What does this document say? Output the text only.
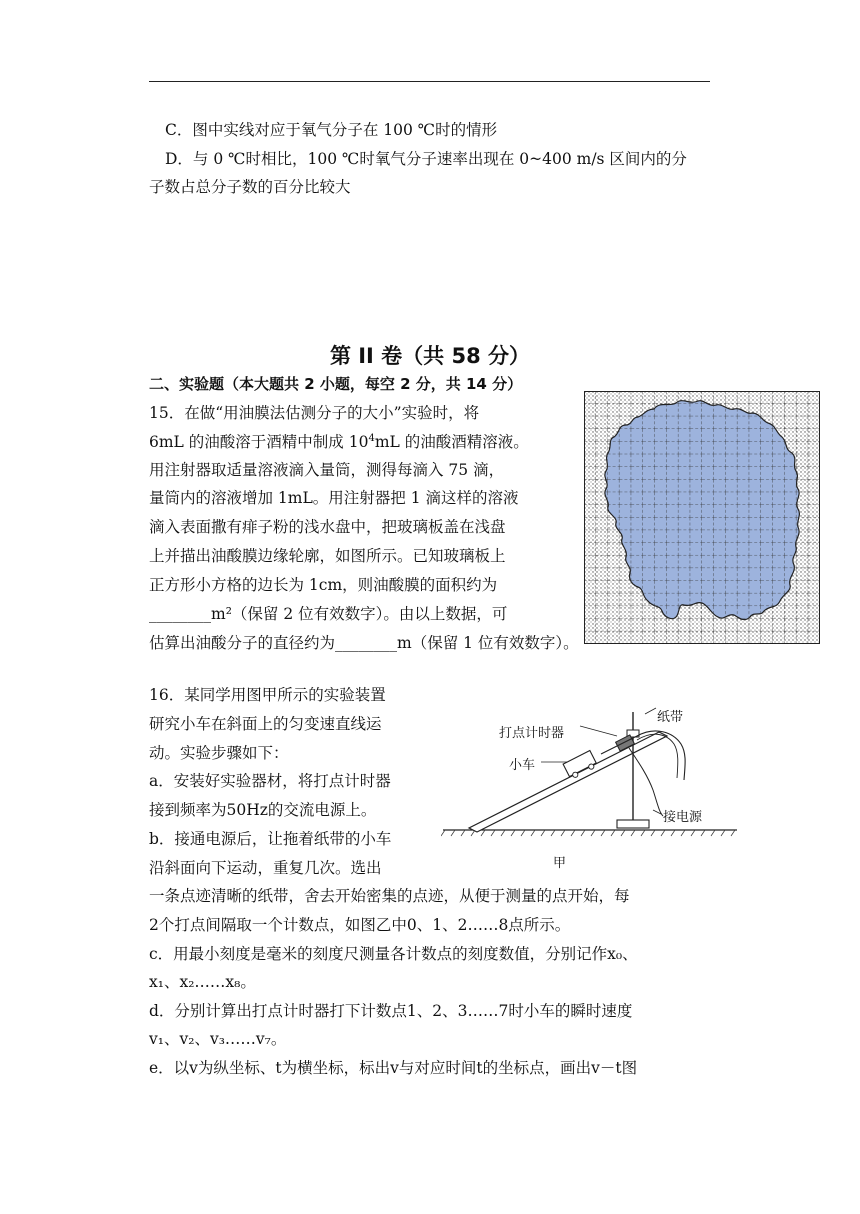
C．图中实线对应于氧气分子在 100 ℃时的情形
D．与 0 ℃时相比，100 ℃时氧气分子速率出现在 0~400 m/s 区间内的分
子数占总分子数的百分比较大
第 II 卷（共 58 分）
二、实验题（本大题共 2 小题，每空 2 分，共 14 分）
15．在做“用油膜法估测分子的大小”实验时，将
6mL 的油酸溶于酒精中制成 $10^4mL$ 的油酸酒精溶液。
用注射器取适量溶液滴入量筒，测得每滴入 75 滴，
量筒内的溶液增加 1mL。用注射器把 1 滴这样的溶液
滴入表面撒有痱子粉的浅水盘中，把玻璃板盖在浅盘
上并描出油酸膜边缘轮廓，如图所示。已知玻璃板上
正方形小方格的边长为 1cm，则油酸膜的面积约为
________m²（保留 2 位有效数字）。由以上数据，可
估算出油酸分子的直径约为________m（保留 1 位有效数字）。
16．某同学用图甲所示的实验装置
研究小车在斜面上的匀变速直线运
动。实验步骤如下：
a．安装好实验器材，将打点计时器
接到频率为50Hz的交流电源上。
b．接通电源后，让拖着纸带的小车
沿斜面向下运动，重复几次。选出
一条点迹清晰的纸带，舍去开始密集的点迹，从便于测量的点开始，每
2个打点间隔取一个计数点，如图乙中0、1、2……8点所示。
c．用最小刻度是毫米的刻度尺测量各计数点的刻度数值，分别记作x₀、
x₁、x₂……x₈。
d．分别计算出打点计时器打下计数点1、2、3……7时小车的瞬时速度
v₁、v₂、v₃……v₇。
e．以v为纵坐标、t为横坐标，标出v与对应时间t的坐标点，画出v－t图
打点计时器
纸带
小车
接电源
甲
